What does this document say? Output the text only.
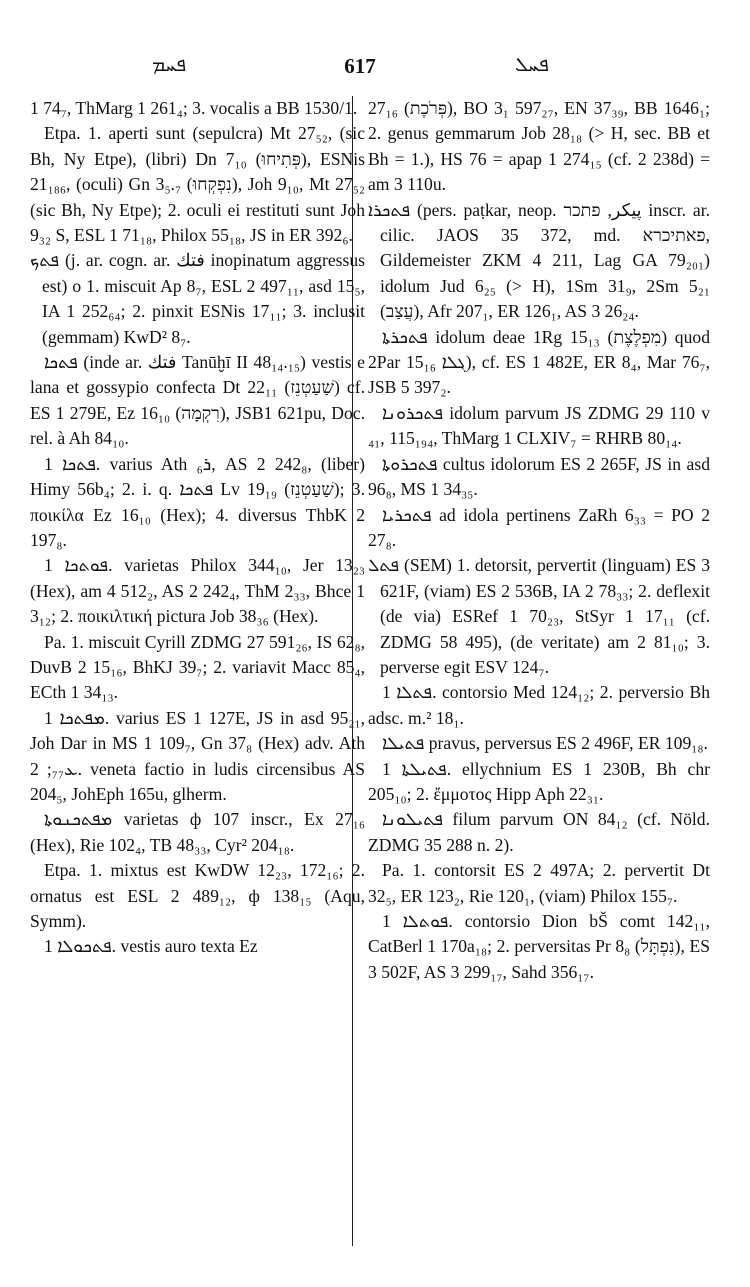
ܦܚܡ	617	ܦܚܠ

1 74₇, ThMarg 1 261₄; 3. vocalis a BB 1530/1.

Etpa. 1. aperti sunt (sepulcra) Mt 27₅₂, (sic Bh, Ny Etpe), (libri) Dn 7₁₀ (פְּתִיחוּ), ESNis 21₁₈₆, (oculi) Gn 3₅.₇ (נִפְקְחוּ), Joh 9₁₀, Mt 27₅₂ (sic Bh, Ny Etpe); 2. oculi ei restituti sunt Joh 9₃₂ S, ESL 1 71₁₈, Philox 55₁₈, JS in ER 392₆.

ܦܬܟ (j. ar. cogn. ar. فتك inopinatum aggressus est) o 1. miscuit Ap 8₇, ESL 2 497₁₁, asd 15₅, IA 1 252₆₄; 2. pinxit ESNis 17₁₁; 3. inclusit (gemmam) KwD² 8₇.

ܦܬܟܐ (inde ar. فتك Tanūḫī II 48₁₄.₁₅) vestis e lana et gossypio confecta Dt 22₁₁ (שַׁעַטְנֵז) cf. ES 1 279E, Ez 16₁₀ (רִקְמָה), JSB1 621pu, Doc. rel. à Ah 84₁₀.

ܦܬܟܐ 1. varius Ath ܪ₆, AS 2 242₈, (liber) Himy 56b₄; 2. i. q. ܦܬܟܐ Lv 19₁₉ (שַׁעַטְנֵז); 3. ποικίλα Ez 16₁₀ (Hex); 4. diversus ThbK 2 197₈.

ܦܘܬܟܐ 1. varietas Philox 344₁₀, Jer 13₂₃ (Hex), am 4 512₂, AS 2 242₄, ThM 2₃₃, Bhce 1 3₁₂; 2. ποικιλτική pictura Job 38₃₆ (Hex).

Pa. 1. miscuit Cyrill ZDMG 27 591₂₆, IS 62₈, DuvB 2 15₁₆, BhKJ 39₇; 2. variavit Macc 85₄, ECth 1 34₁₃.

ܡܦܬܟܐ 1. varius ES 1 127E, JS in asd 95₂₁, Joh Dar in MS 1 109₇, Gn 37₈ (Hex) adv. Ath ܥ₇₇; 2. veneta factio in ludis circensibus AS 204₅, JohEph 165u, glherm.

ܡܦܬܟܢܘܬܐ varietas ф 107 inscr., Ex 27₁₆ (Hex), Rie 102₄, TB 48₃₃, Cyr² 204₁₈.

Etpa. 1. mixtus est KwDW 12₂₃, 172₁₆; 2. ornatus est ESL 2 489₁₂, ф 138₁₅ (Aqu, Symm).

ܦܬܟܘܠܐ 1. vestis auro texta Ez

27₁₆ (פְּרֹכֶת), BO 3₁ 597₂₇, EN 37₃₉, BB 1646₁; 2. genus gemmarum Job 28₁₈ (> H, sec. BB et Bh = 1.), HS 76 = apap 1 274₁₅ (cf. 2 238d) = am 3 110u.

ܦܬܟܪܐ (pers. paṭkar, neop. پیکر, פתכר inscr. ar. cilic. JAOS 35 372, md. פאתיכרא, Gildemeister ZKM 4 211, Lag GA 79₂₀₁) idolum Jud 6₂₅ (> H), 1Sm 31₉, 2Sm 5₂₁ (עֲצַב), Afr 207₁, ER 126₁, AS 3 26₂₄.

ܦܬܟܪܬܐ idolum deae 1Rg 15₁₃ (מִפְלֶצֶת) quod 2Par 15₁₆ ܓܠܐ), cf. ES 1 482E, ER 8₄, Mar 76₇, JSB 5 397₂.

ܦܬܟܪܘܢܐ idolum parvum JS ZDMG 29 110 v ₄₁, 115₁₉₄, ThMarg 1 CLXIV₇ = RHRB 80₁₄.

ܦܬܟܪܘܬܐ cultus idolorum ES 2 265F, JS in asd 96₈, MS 1 34₃₅.

ܦܬܟܪܝܐ ad idola pertinens ZaRh 6₃₃ = PO 2 27₈.

ܦܬܠ (SEM) 1. detorsit, pervertit (linguam) ES 3 621F, (viam) ES 2 536B, IA 2 78₃₃; 2. deflexit (de via) ESRef 1 70₂₃, StSyr 1 17₁₁ (cf. ZDMG 58 495), (de veritate) am 2 81₁₀; 3. perverse egit ESV 124₇.

ܦܬܠܐ 1. contorsio Med 124₁₂; 2. perversio Bh adsc. m.² 18₁.

ܦܬܝܠܐ pravus, perversus ES 2 496F, ER 109₁₈.

ܦܬܝܠܬܐ 1. ellychnium ES 1 230B, Bh chr 205₁₀; 2. ἔμμοτος Hipp Aph 22₃₁.

ܦܬܝܠܘܢܐ filum parvum ON 84₁₂ (cf. Nöld. ZDMG 35 288 n. 2).

Pa. 1. contorsit ES 2 497A; 2. pervertit Dt 32₅, ER 123₂, Rie 120₁, (viam) Philox 155₇.

ܦܘܬܠܐ 1. contorsio Dion bŠ comt 142₁₁, CatBerl 1 170a₁₈; 2. perversitas Pr 8₈ (נִפְתָּל), ES 3 502F, AS 3 299₁₇, Sahd 356₁₇.
